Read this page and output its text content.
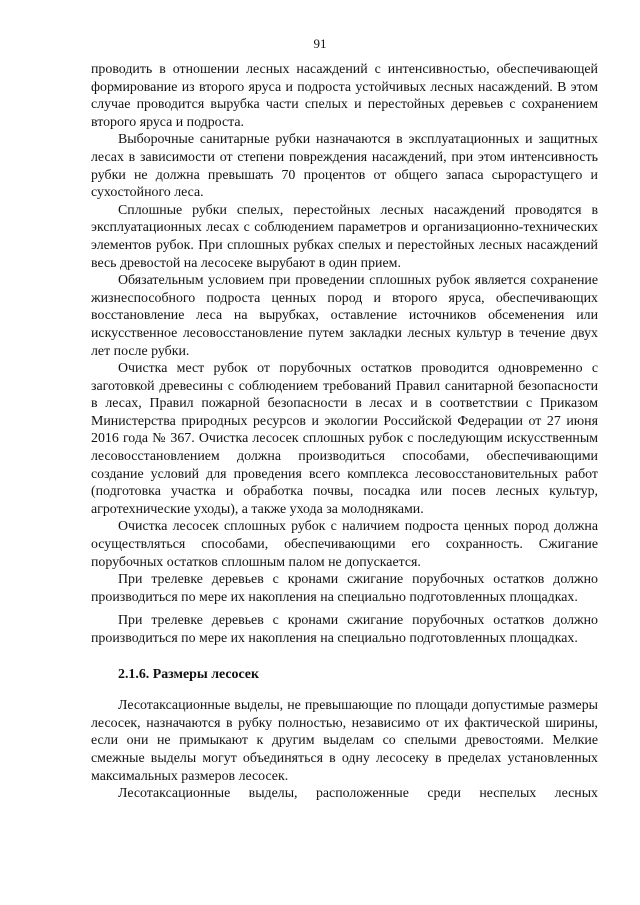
91

проводить в отношении лесных насаждений с интенсивностью, обеспечивающей формирование из второго яруса и подроста устойчивых лесных насаждений. В этом случае проводится вырубка части спелых и перестойных деревьев с сохранением второго яруса и подроста.

Выборочные санитарные рубки назначаются в эксплуатационных и защитных лесах в зависимости от степени повреждения насаждений, при этом интенсивность рубки не должна превышать 70 процентов от общего запаса сырорастущего и сухостойного леса.

Сплошные рубки спелых, перестойных лесных насаждений проводятся в эксплуатационных лесах с соблюдением параметров и организационно-технических элементов рубок. При сплошных рубках спелых и перестойных лесных насаждений весь древостой на лесосеке вырубают в один прием.

Обязательным условием при проведении сплошных рубок является сохранение жизнеспособного подроста ценных пород и второго яруса, обеспечивающих восстановление леса на вырубках, оставление источников обсеменения или искусственное лесовосстановление путем закладки лесных культур в течение двух лет после рубки.

Очистка мест рубок от порубочных остатков проводится одновременно с заготовкой древесины с соблюдением требований Правил санитарной безопасности в лесах, Правил пожарной безопасности в лесах и в соответствии с Приказом Министерства природных ресурсов и экологии Российской Федерации от 27 июня 2016 года № 367. Очистка лесосек сплошных рубок с последующим искусственным лесовосстановлением должна производиться способами, обеспечивающими создание условий для проведения всего комплекса лесовосстановительных работ (подготовка участка и обработка почвы, посадка или посев лесных культур, агротехнические уходы), а также ухода за молодняками.

Очистка лесосек сплошных рубок с наличием подроста ценных пород должна осуществляться способами, обеспечивающими его сохранность. Сжигание порубочных остатков сплошным палом не допускается.

При трелевке деревьев с кронами сжигание порубочных остатков должно производиться по мере их накопления на специально подготовленных площадках.

При трелевке деревьев с кронами сжигание порубочных остатков должно производиться по мере их накопления на специально подготовленных площадках.

2.1.6. Размеры лесосек

Лесотаксационные выделы, не превышающие по площади допустимые размеры лесосек, назначаются в рубку полностью, независимо от их фактической ширины, если они не примыкают к другим выделам со спелыми древостоями. Мелкие смежные выделы могут объединяться в одну лесосеку в пределах установленных максимальных размеров лесосек.

Лесотаксационные выделы, расположенные среди неспелых лесных
